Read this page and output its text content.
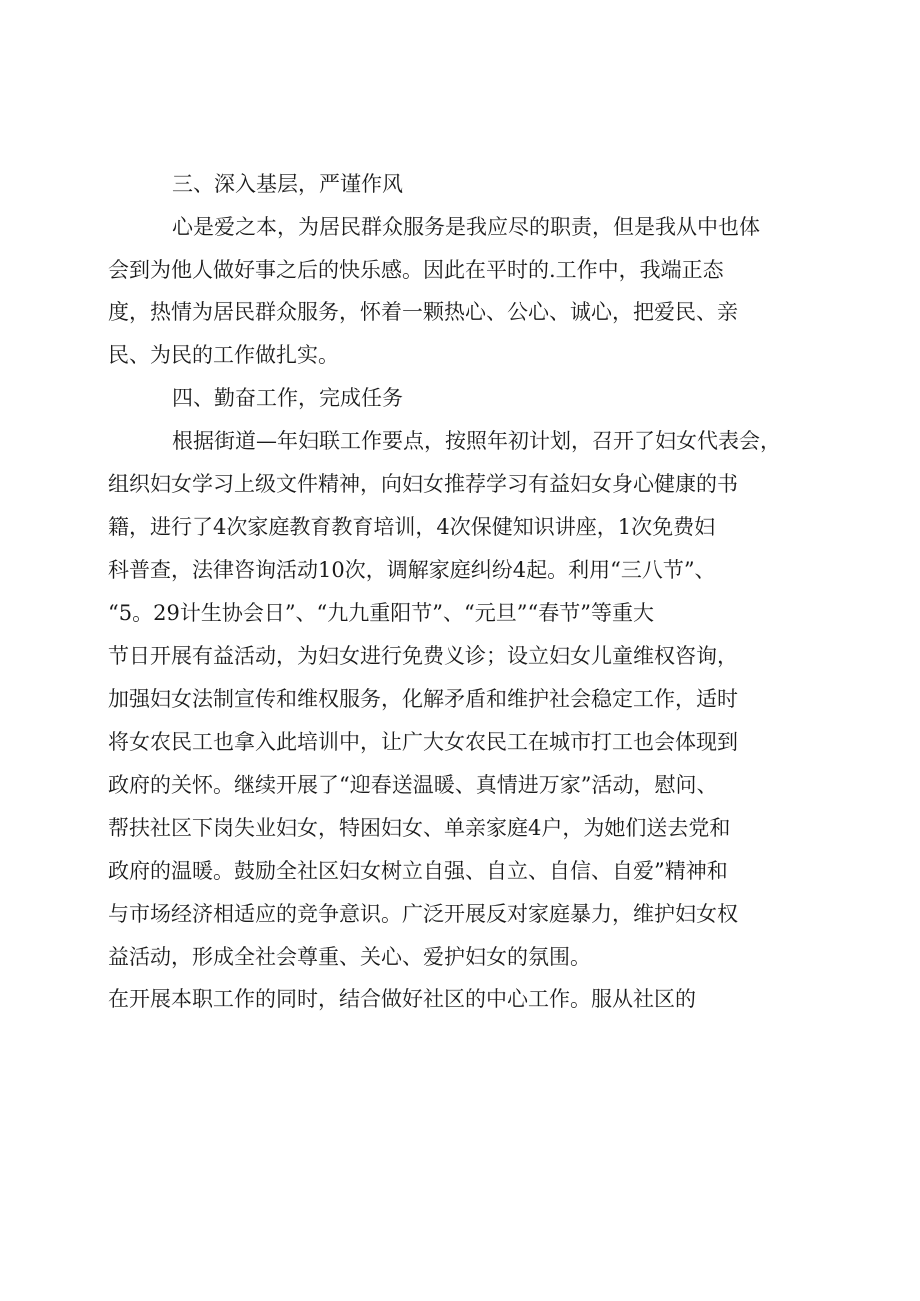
三、深入基层，严谨作风
心是爱之本，为居民群众服务是我应尽的职责，但是我从中也体
会到为他人做好事之后的快乐感。因此在平时的.工作中，我端正态
度，热情为居民群众服务，怀着一颗热心、公心、诚心，把爱民、亲
民、为民的工作做扎实。
四、勤奋工作，完成任务
根据街道—年妇联工作要点，按照年初计划，召开了妇女代表会，
组织妇女学习上级文件精神，向妇女推荐学习有益妇女身心健康的书
籍，进行了4次家庭教育教育培训，4次保健知识讲座，1次免费妇
科普查，法律咨询活动10次，调解家庭纠纷4起。利用“三八节”、
“5。29计生协会日”、“九九重阳节”、“元旦”“春节”等重大
节日开展有益活动，为妇女进行免费义诊；设立妇女儿童维权咨询，
加强妇女法制宣传和维权服务，化解矛盾和维护社会稳定工作，适时
将女农民工也拿入此培训中，让广大女农民工在城市打工也会体现到
政府的关怀。继续开展了“迎春送温暖、真情进万家”活动，慰问、
帮扶社区下岗失业妇女，特困妇女、单亲家庭4户，为她们送去党和
政府的温暖。鼓励全社区妇女树立自强、自立、自信、自爱”精神和
与市场经济相适应的竞争意识。广泛开展反对家庭暴力，维护妇女权
益活动，形成全社会尊重、关心、爱护妇女的氛围。
在开展本职工作的同时，结合做好社区的中心工作。服从社区的
